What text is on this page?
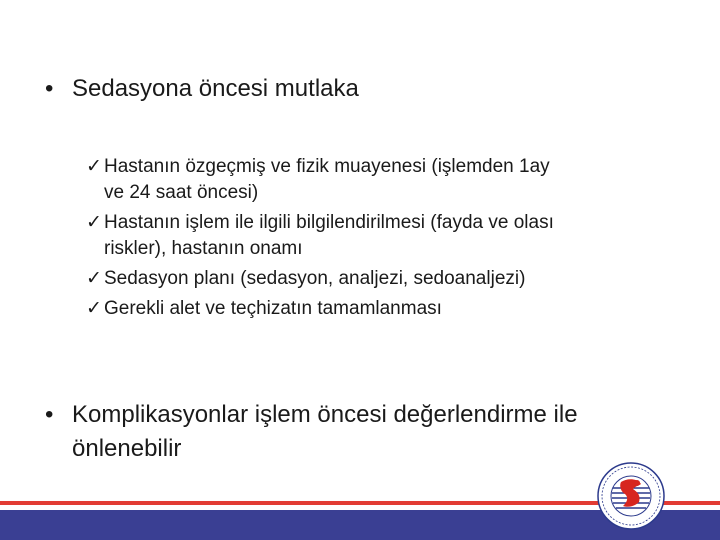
• Sedasyona öncesi mutlaka
✓ Hastanın özgeçmiş ve fizik muayenesi (işlemden 1ay
ve 24 saat öncesi)
✓ Hastanın işlem ile ilgili bilgilendirilmesi (fayda ve olası
riskler), hastanın onamı
✓ Sedasyon planı (sedasyon, analjezi, sedoanaljezi)
✓ Gerekli alet ve teçhizatın tamamlanması
• Komplikasyonlar işlem öncesi değerlendirme ile
önlenebilir
